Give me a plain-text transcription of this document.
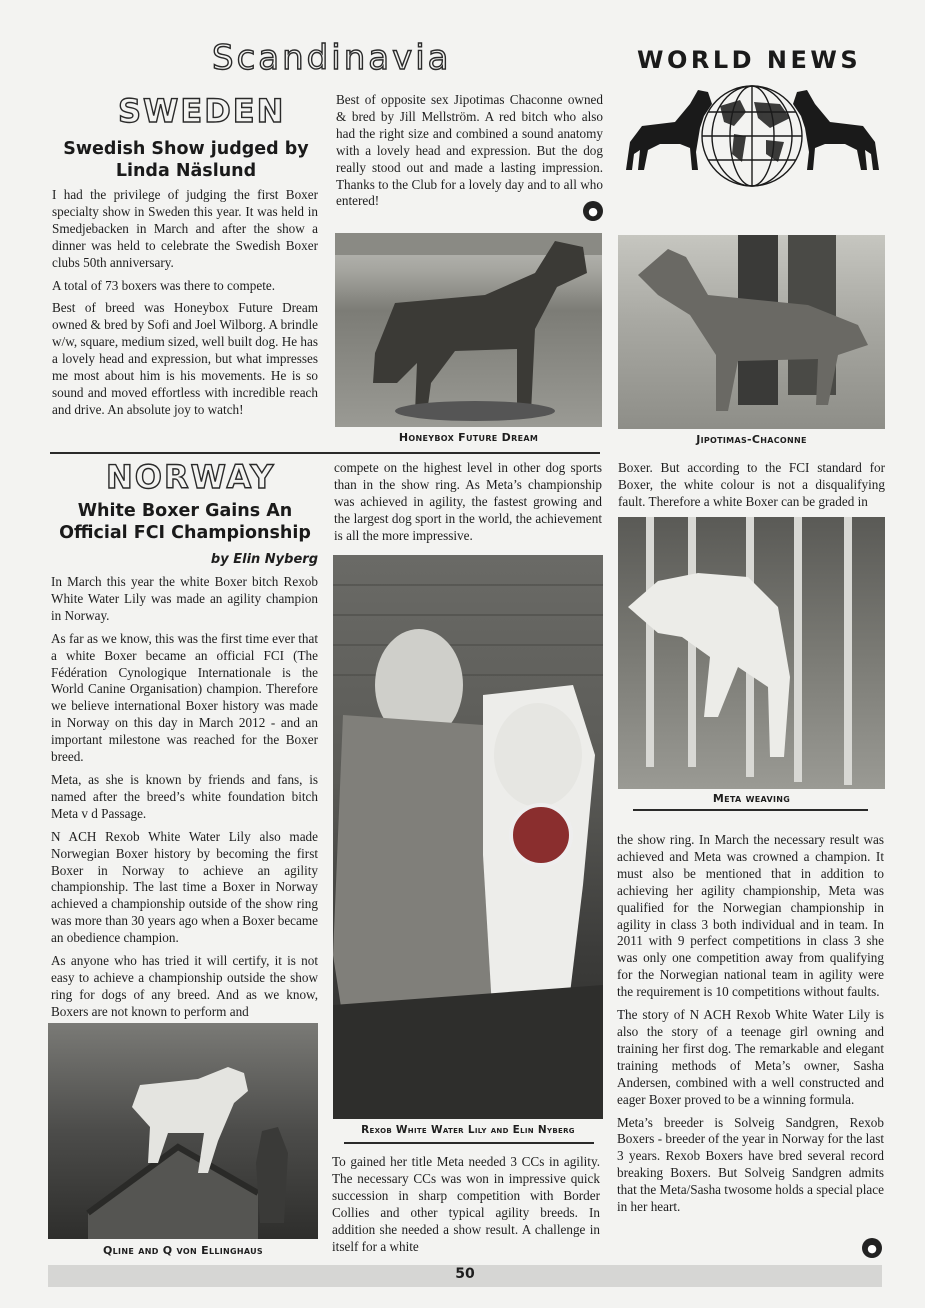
Scandinavia	WORLD NEWS
SWEDEN
Swedish Show judged by Linda Näslund

I had the privilege of judging the first Boxer specialty show in Sweden this year. It was held in Smedjebacken in March and after the show a dinner was held to celebrate the Swedish Boxer clubs 50th anniversary.

A total of 73 boxers was there to compete.

Best of breed was Honeybox Future Dream owned & bred by Sofi and Joel Wilborg. A brindle w/w, square, medium sized, well built dog. He has a lovely head and expression, but what impresses me most about him is his movements. He is so sound and moved effortless with incredible reach and drive. An absolute joy to watch!

Best of opposite sex Jipotimas Chaconne owned & bred by Jill Mellström. A red bitch who also had the right size and combined a sound anatomy with a lovely head and expression. But the dog really stood out and made a lasting impression. Thanks to the Club for a lovely day and to all who entered!

●
Honeybox Future Dream	Jipotimas-Chaconne
NORWAY
White Boxer Gains An Official FCI Championship
by Elin Nyberg

In March this year the white Boxer bitch Rexob White Water Lily was made an agility champion in Norway.

As far as we know, this was the first time ever that a white Boxer became an official FCI (The Fédération Cynologique Internationale is the World Canine Organisation) champion. Therefore we believe international Boxer history was made in Norway on this day in March 2012 - and an important milestone was reached for the Boxer breed.

Meta, as she is known by friends and fans, is named after the breed’s white foundation bitch Meta v d Passage.

N ACH Rexob White Water Lily also made Norwegian Boxer history by becoming the first Boxer in Norway to achieve an agility championship. The last time a Boxer in Norway achieved a championship outside of the show ring was more than 30 years ago when a Boxer became an obedience champion.

As anyone who has tried it will certify, it is not easy to achieve a championship outside the show ring for dogs of any breed. And as we know, Boxers are not known to perform and

Qline and Q von Ellinghaus

compete on the highest level in other dog sports than in the show ring. As Meta’s championship was achieved in agility, the fastest growing and the largest dog sport in the world, the achievement is all the more impressive.

Rexob White Water Lily and Elin Nyberg

To gained her title Meta needed 3 CCs in agility. The necessary CCs was won in impressive quick succession in sharp competition with Border Collies and other typical agility breeds. In addition she needed a show result. A challenge in itself for a white

Boxer. But according to the FCI standard for Boxer, the white colour is not a disqualifying fault. Therefore a white Boxer can be graded in

Meta weaving

the show ring. In March the necessary result was achieved and Meta was crowned a champion. It must also be mentioned that in addition to achieving her agility championship, Meta was qualified for the Norwegian championship in agility in class 3 both individual and in team. In 2011 with 9 perfect competitions in class 3 she was only one competition away from qualifying for the Norwegian national team in agility were the requirement is 10 competitions without faults.

The story of N ACH Rexob White Water Lily is also the story of a teenage girl owning and training her first dog. The remarkable and elegant training methods of Meta’s owner, Sasha Andersen, combined with a well constructed and eager Boxer proved to be a winning formula.

Meta’s breeder is Solveig Sandgren, Rexob Boxers - breeder of the year in Norway for the last 3 years. Rexob Boxers have bred several record breaking Boxers. But Solveig Sandgren admits that the Meta/Sasha twosome holds a special place in her heart.

●
50
